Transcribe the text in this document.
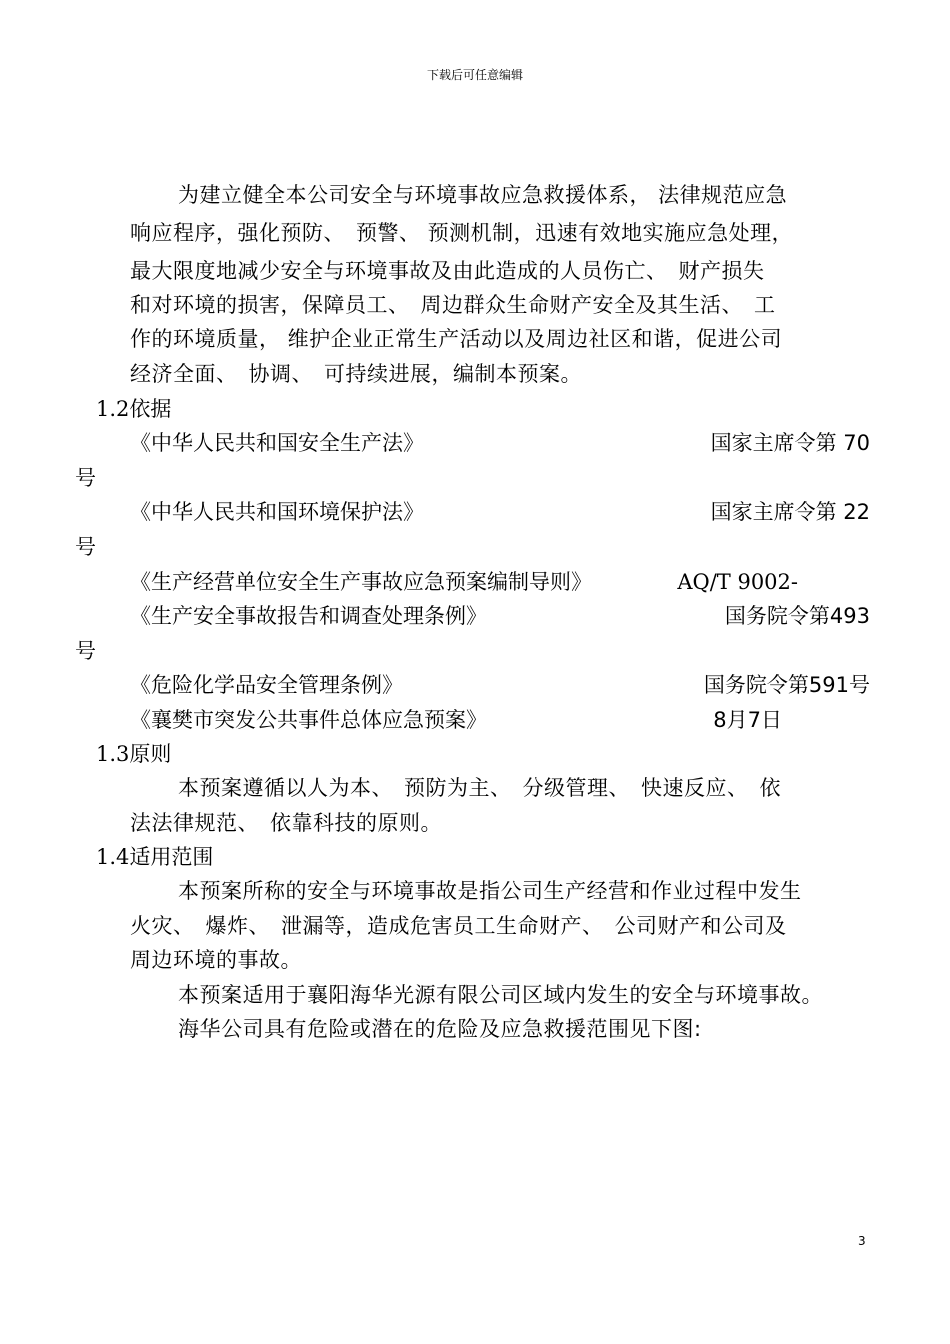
下载后可任意编辑
为建立健全本公司安全与环境事故应急救援体系， 法律规范应急
响应程序，强化预防、　预警、 预测机制，迅速有效地实施应急处理，
最大限度地减少安全与环境事故及由此造成的人员伤亡、　财产损失
和对环境的损害，保障员工、　周边群众生命财产安全及其生活、　工
作的环境质量， 维护企业正常生产活动以及周边社区和谐，促进公司
经济全面、　协调、　可持续进展，编制本预案。
1.2依据
《中华人民共和国安全生产法》	国家主席令第 70
号
《中华人民共和国环境保护法》	国家主席令第 22
号
《生产经营单位安全生产事故应急预案编制导则》	AQ/T 9002-
《生产安全事故报告和调查处理条例》	国务院令第493
号
《危险化学品安全管理条例》	国务院令第591号
《襄樊市突发公共事件总体应急预案》	8月7日
1.3原则
本预案遵循以人为本、　预防为主、　分级管理、　快速反应、　依
法法律规范、　依靠科技的原则。
1.4适用范围
本预案所称的安全与环境事故是指公司生产经营和作业过程中发生
火灾、　爆炸、　泄漏等，造成危害员工生命财产、　公司财产和公司及
周边环境的事故。
本预案适用于襄阳海华光源有限公司区域内发生的安全与环境事故。
海华公司具有危险或潜在的危险及应急救援范围见下图:
3
